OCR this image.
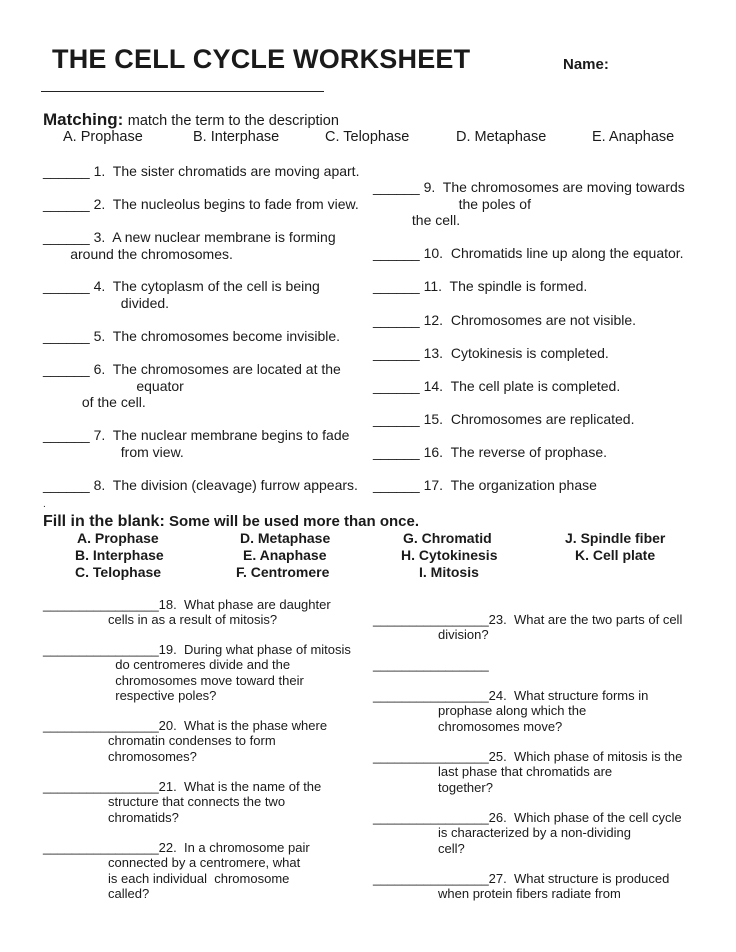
THE CELL CYCLE WORKSHEET	Name:
Matching: match the term to the description
A. Prophase	B. Interphase	C. Telophase	D. Metaphase	E. Anaphase
______ 1.  The sister chromatids are moving apart.
______ 2.  The nucleolus begins to fade from view.
______ 3.  A new nuclear membrane is forming
around the chromosomes.
______ 4.  The cytoplasm of the cell is being
divided.
______ 5.  The chromosomes become invisible.
______ 6.  The chromosomes are located at the
equator
of the cell.
______ 7.  The nuclear membrane begins to fade
from view.
______ 8.  The division (cleavage) furrow appears.
______ 9.  The chromosomes are moving towards
the poles of
the cell.
______ 10.  Chromatids line up along the equator.
______ 11.  The spindle is formed.
______ 12.  Chromosomes are not visible.
______ 13.  Cytokinesis is completed.
______ 14.  The cell plate is completed.
______ 15.  Chromosomes are replicated.
______ 16.  The reverse of prophase.
______ 17.  The organization phase
.
Fill in the blank: Some will be used more than once.
A. Prophase	D. Metaphase	G. Chromatid	J. Spindle fiber
B. Interphase	E. Anaphase	H. Cytokinesis	K. Cell plate
C. Telophase	F. Centromere	I. Mitosis
________________18.  What phase are daughter
cells in as a result of mitosis?
________________19.  During what phase of mitosis
do centromeres divide and the
chromosomes move toward their
respective poles?
________________20.  What is the phase where
chromatin condenses to form
chromosomes?
________________21.  What is the name of the
structure that connects the two
chromatids?
________________22.  In a chromosome pair
connected by a centromere, what
is each individual  chromosome
called?
________________23.  What are the two parts of cell
division?
________________
________________24.  What structure forms in
prophase along which the
chromosomes move?
________________25.  Which phase of mitosis is the
last phase that chromatids are
together?
________________26.  Which phase of the cell cycle
is characterized by a non-dividing
cell?
________________27.  What structure is produced
when protein fibers radiate from
